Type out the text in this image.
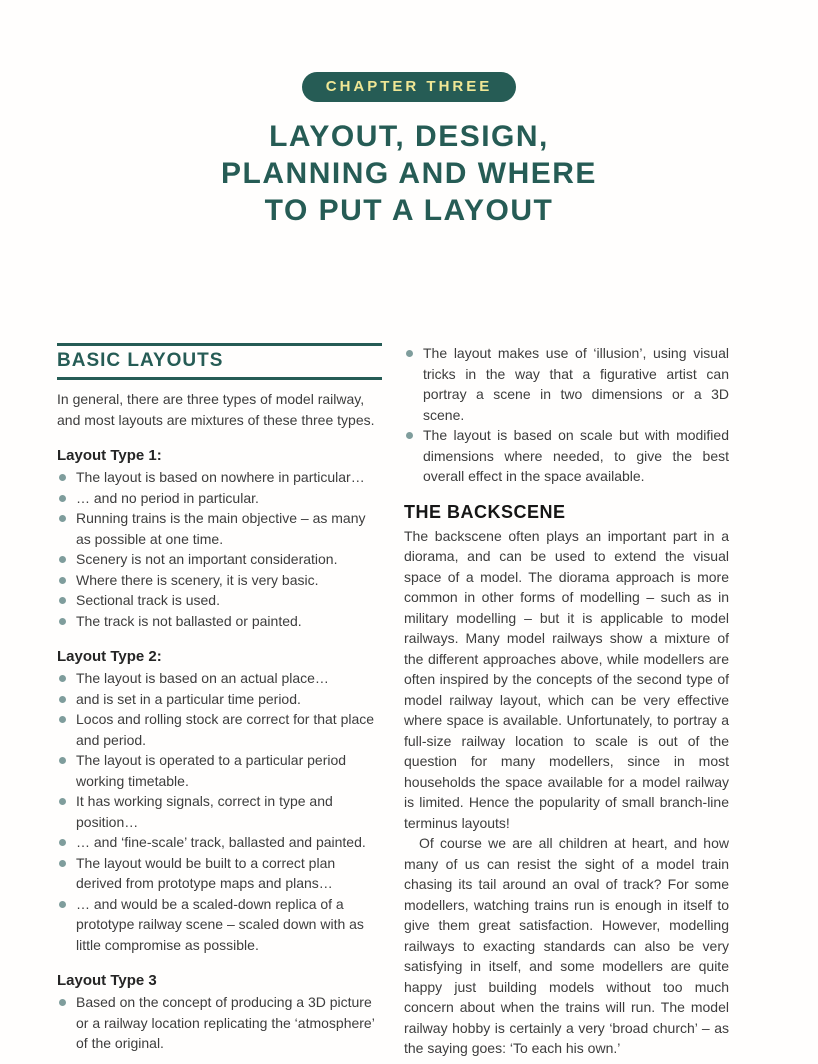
CHAPTER THREE
LAYOUT, DESIGN,
PLANNING AND WHERE
TO PUT A LAYOUT
BASIC LAYOUTS

In general, there are three types of model railway, and most layouts are mixtures of these three types.

Layout Type 1:
The layout is based on nowhere in particular…
… and no period in particular.
Running trains is the main objective – as many as possible at one time.
Scenery is not an important consideration.
Where there is scenery, it is very basic.
Sectional track is used.
The track is not ballasted or painted.
Layout Type 2:
The layout is based on an actual place…
and is set in a particular time period.
Locos and rolling stock are correct for that place and period.
The layout is operated to a particular period working timetable.
It has working signals, correct in type and position…
… and ‘fine-scale’ track, ballasted and painted.
The layout would be built to a correct plan derived from prototype maps and plans…
… and would be a scaled-down replica of a prototype railway scene – scaled down with as little compromise as possible.
Layout Type 3
Based on the concept of producing a 3D picture or a railway location replicating the ‘atmosphere’ of the original.
The layout makes use of ‘illusion’, using visual tricks in the way that a figurative artist can portray a scene in two dimensions or a 3D scene.
The layout is based on scale but with modified dimensions where needed, to give the best overall effect in the space available.
THE BACKSCENE

The backscene often plays an important part in a diorama, and can be used to extend the visual space of a model. The diorama approach is more common in other forms of modelling – such as in military modelling – but it is applicable to model railways. Many model railways show a mixture of the different approaches above, while modellers are often inspired by the concepts of the second type of model railway layout, which can be very effective where space is available. Unfortunately, to portray a full-size railway location to scale is out of the question for many modellers, since in most households the space available for a model railway is limited. Hence the popularity of small branch-line terminus layouts!

Of course we are all children at heart, and how many of us can resist the sight of a model train chasing its tail around an oval of track? For some modellers, watching trains run is enough in itself to give them great satisfaction. However, modelling railways to exacting standards can also be very satisfying in itself, and some modellers are quite happy just building models without too much concern about when the trains will run. The model railway hobby is certainly a very ‘broad church’ – as the saying goes: ‘To each his own.’
